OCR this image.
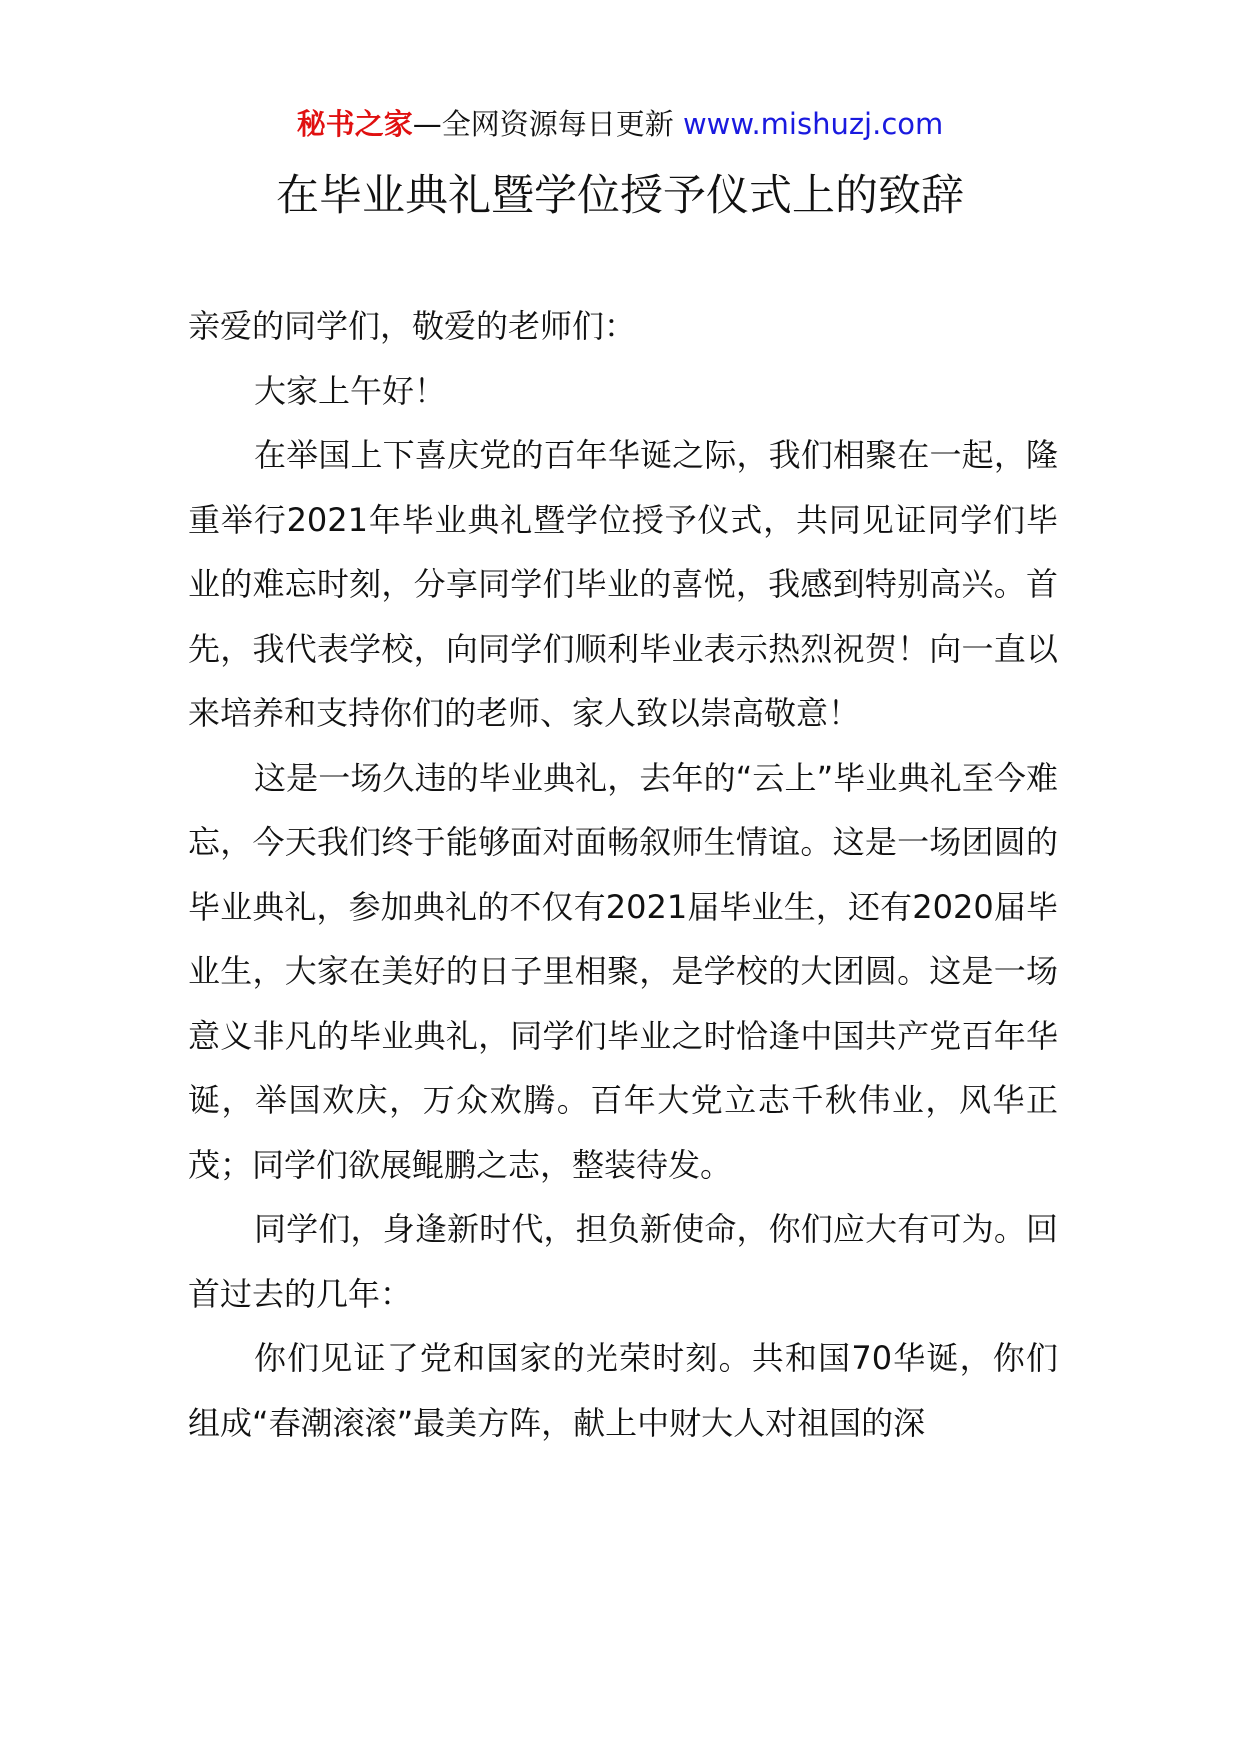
秘书之家—全网资源每日更新 www.mishuzj.com
在毕业典礼暨学位授予仪式上的致辞

亲爱的同学们，敬爱的老师们：

大家上午好！

在举国上下喜庆党的百年华诞之际，我们相聚在一起，隆重举行2021年毕业典礼暨学位授予仪式，共同见证同学们毕业的难忘时刻，分享同学们毕业的喜悦，我感到特别高兴。首先，我代表学校，向同学们顺利毕业表示热烈祝贺！向一直以来培养和支持你们的老师、家人致以崇高敬意！

这是一场久违的毕业典礼，去年的“云上”毕业典礼至今难忘，今天我们终于能够面对面畅叙师生情谊。这是一场团圆的毕业典礼，参加典礼的不仅有2021届毕业生，还有2020届毕业生，大家在美好的日子里相聚，是学校的大团圆。这是一场意义非凡的毕业典礼，同学们毕业之时恰逢中国共产党百年华诞，举国欢庆，万众欢腾。百年大党立志千秋伟业，风华正茂；同学们欲展鲲鹏之志，整装待发。

同学们，身逢新时代，担负新使命，你们应大有可为。回首过去的几年：

你们见证了党和国家的光荣时刻。共和国70华诞，你们组成“春潮滚滚”最美方阵，献上中财大人对祖国的深
